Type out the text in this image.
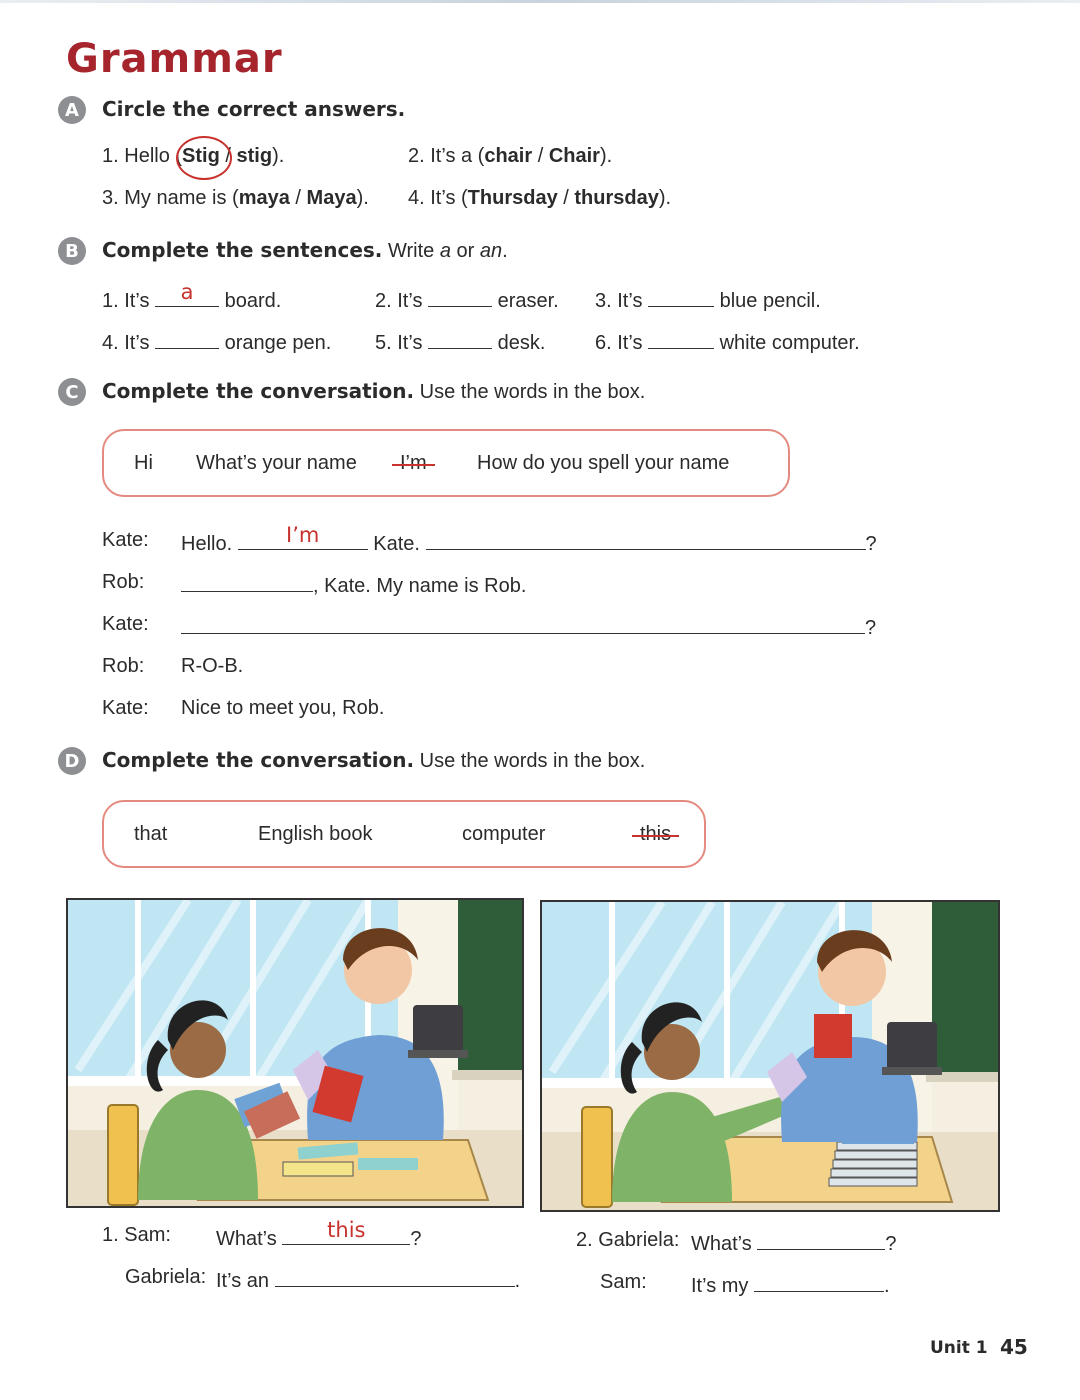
Grammar
A	Circle the correct answers.
1. Hello (Stig / stig).	2. It’s a (chair / Chair).
3. My name is (maya / Maya). 4. It’s (Thursday / thursday).
B	Complete the sentences. Write a or an.
1. It’s	a	board.	2. It’s	eraser. 3. It’s	blue pencil.
4. It’s	orange pen. 5. It’s	desk. 6. It’s	white computer.
C	Complete the conversation. Use the words in the box.
Hi What’s your name I’m	How do you spell your name
Kate: Hello.	I’m	Kate.	?
Rob:	, Kate. My name is Rob.
Kate:	?
Rob: R-O-B.
Kate: Nice to meet you, Rob.
D	Complete the conversation. Use the words in the box.
that	English book	computer	this
1. Sam: What’s	this	?
Gabriela: It’s an	.
2. Gabriela: What’s	?
Sam: It’s my	.
Unit 1 45
